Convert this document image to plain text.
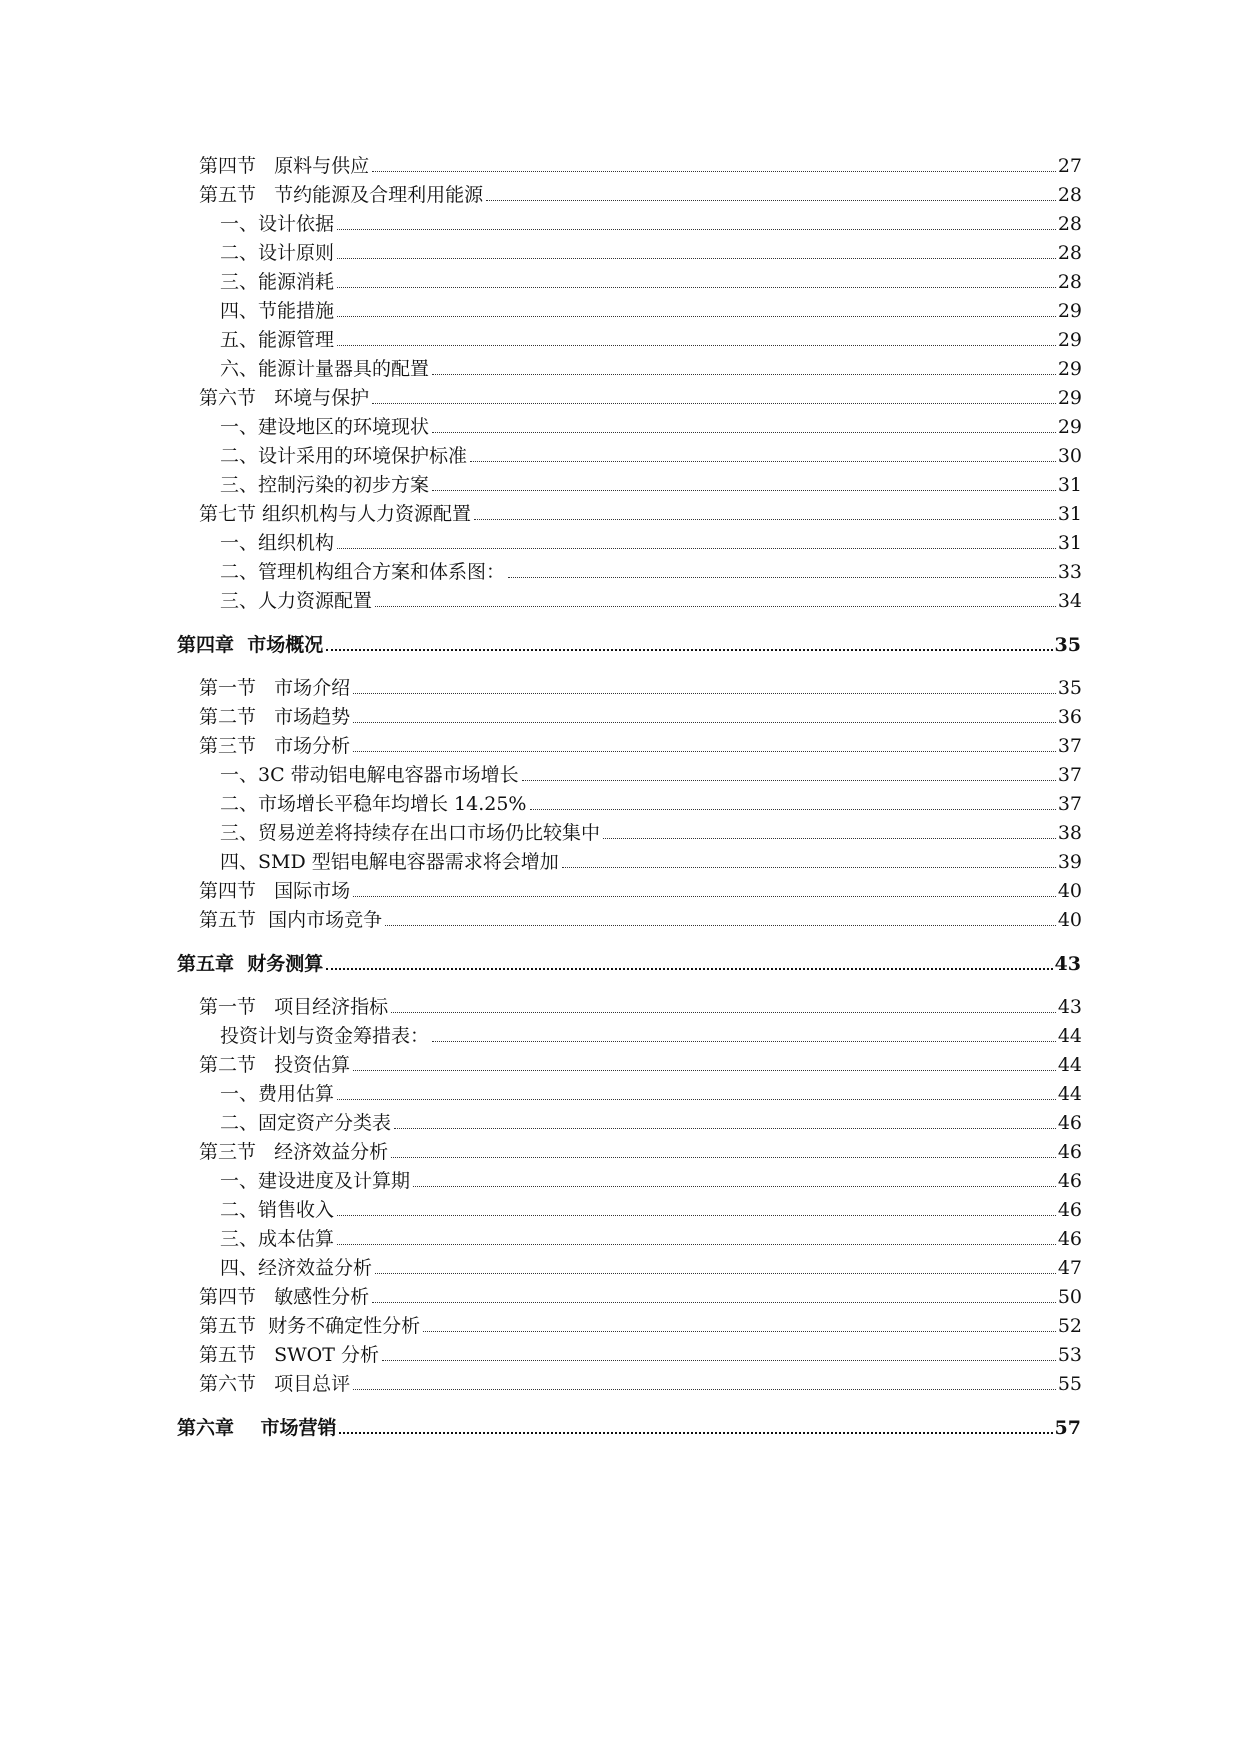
第四节   原料与供应	27
第五节   节约能源及合理利用能源	28
一、设计依据	28
二、设计原则	28
三、能源消耗	28
四、节能措施	29
五、能源管理	29
六、能源计量器具的配置	29
第六节   环境与保护	29
一、建设地区的环境现状	29
二、设计采用的环境保护标准	30
三、控制污染的初步方案	31
第七节 组织机构与人力资源配置	31
一、组织机构	31
二、管理机构组合方案和体系图：	33
三、人力资源配置	34
第四章  市场概况	35
第一节   市场介绍	35
第二节   市场趋势	36
第三节   市场分析	37
一、3C 带动铝电解电容器市场增长	37
二、市场增长平稳年均增长 14.25%	37
三、贸易逆差将持续存在出口市场仍比较集中	38
四、SMD 型铝电解电容器需求将会增加	39
第四节   国际市场	40
第五节  国内市场竞争	40
第五章  财务测算	43
第一节   项目经济指标	43
投资计划与资金筹措表：	44
第二节   投资估算	44
一、费用估算	44
二、固定资产分类表	46
第三节   经济效益分析	46
一、建设进度及计算期	46
二、销售收入	46
三、成本估算	46
四、经济效益分析	47
第四节   敏感性分析	50
第五节  财务不确定性分析	52
第五节   SWOT 分析	53
第六节   项目总评	55
第六章    市场营销	57
